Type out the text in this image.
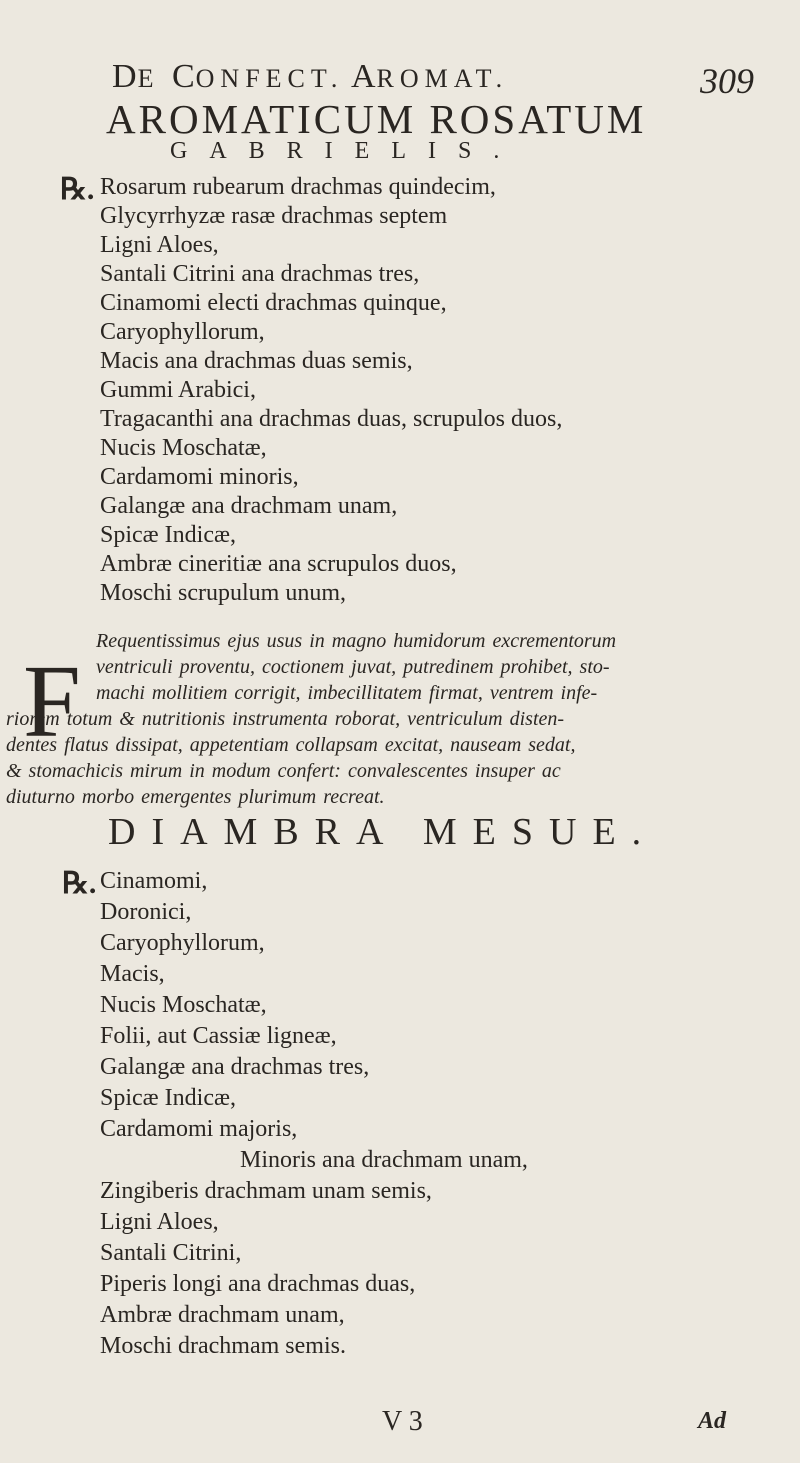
DE CONFECT. AROMAT.	309
AROMATICUM ROSATUM
GABRIELIS.
℞. Rosarum rubearum drachmas quindecim,
Glycyrrhyzæ rasæ drachmas septem
Ligni Aloes,
Santali Citrini ana drachmas tres,
Cinamomi electi drachmas quinque,
Caryophyllorum,
Macis ana drachmas duas semis,
Gummi Arabici,
Tragacanthi ana drachmas duas, scrupulos duos,
Nucis Moschatæ,
Cardamomi minoris,
Galangæ ana drachmam unam,
Spicæ Indicæ,
Ambræ cineritiæ ana scrupulos duos,
Moschi scrupulum unum,
F
Requentissimus ejus usus in magno humidorum excrementorum
ventriculi proventu, coctionem juvat, putredinem prohibet, sto-
machi mollitiem corrigit, imbecillitatem firmat, ventrem infe-
riorem totum & nutritionis instrumenta roborat, ventriculum disten-
dentes flatus dissipat, appetentiam collapsam excitat, nauseam sedat,
& stomachicis mirum in modum confert: convalescentes insuper ac
diuturno morbo emergentes plurimum recreat.
DIAMBRA MESUE.
℞. Cinamomi,
Doronici,
Caryophyllorum,
Macis,
Nucis Moschatæ,
Folii, aut Cassiæ ligneæ,
Galangæ ana drachmas tres,
Spicæ Indicæ,
Cardamomi majoris,
Minoris ana drachmam unam,
Zingiberis drachmam unam semis,
Ligni Aloes,
Santali Citrini,
Piperis longi ana drachmas duas,
Ambræ drachmam unam,
Moschi drachmam semis.
V 3	Ad
